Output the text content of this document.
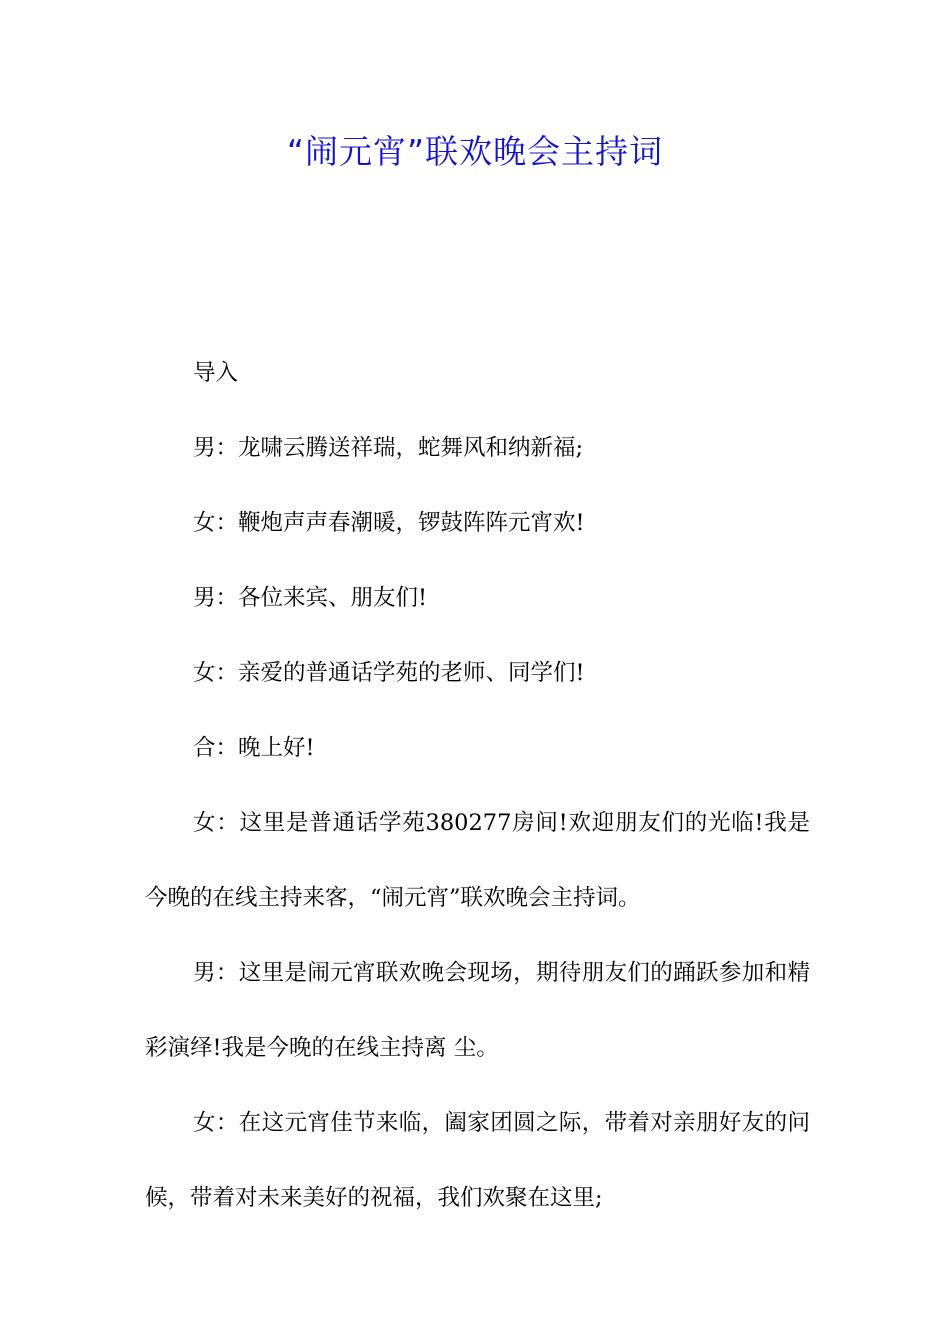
“闹元宵”联欢晚会主持词

导入

男：龙啸云腾送祥瑞，蛇舞风和纳新福;

女：鞭炮声声春潮暖，锣鼓阵阵元宵欢!

男：各位来宾、朋友们!

女：亲爱的普通话学苑的老师、同学们!

合：晚上好!

女：这里是普通话学苑380277房间!欢迎朋友们的光临!我是今晚的在线主持来客，“闹元宵”联欢晚会主持词。

男：这里是闹元宵联欢晚会现场，期待朋友们的踊跃参加和精彩演绎!我是今晚的在线主持离 尘。

女：在这元宵佳节来临，阖家团圆之际，带着对亲朋好友的问候，带着对未来美好的祝福，我们欢聚在这里;
